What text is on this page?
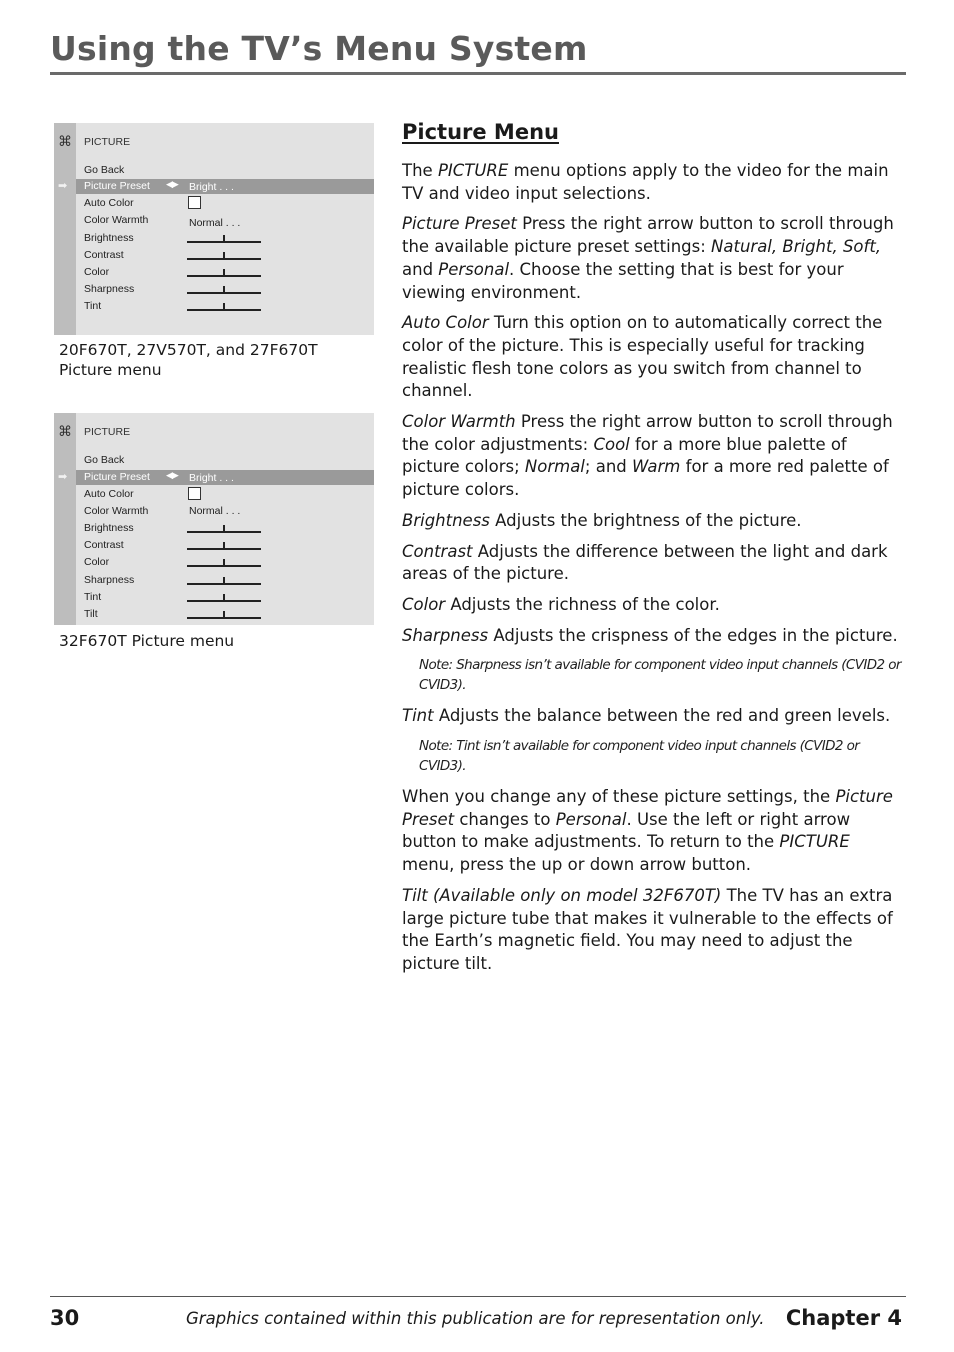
Using the TV’s Menu System
⌘ PICTURE
Go Back
➡ Picture Preset ◀▶ Bright . . .
Auto Color
Color Warmth	Normal . . .
Brightness
Contrast
Color
Sharpness
Tint
20F670T, 27V570T, and 27F670T
Picture menu
⌘ PICTURE
Go Back
➡ Picture Preset ◀▶ Bright . . .
Auto Color
Color Warmth	Normal . . .
Brightness
Contrast
Color
Sharpness
Tint
Tilt
32F670T Picture menu
Picture Menu

The PICTURE menu options apply to the video for the main TV and video input selections.

Picture Preset Press the right arrow button to scroll through the available picture preset settings: Natural, Bright, Soft, and Personal. Choose the setting that is best for your viewing environment.

Auto Color Turn this option on to automatically correct the color of the picture. This is especially useful for tracking realistic flesh tone colors as you switch from channel to channel.

Color Warmth Press the right arrow button to scroll through the color adjustments: Cool for a more blue palette of picture colors; Normal; and Warm for a more red palette of picture colors.

Brightness Adjusts the brightness of the picture.

Contrast Adjusts the difference between the light and dark areas of the picture.

Color Adjusts the richness of the color.

Sharpness Adjusts the crispness of the edges in the picture.

Note: Sharpness isn’t available for component video input channels (CVID2 or CVID3).

Tint Adjusts the balance between the red and green levels.

Note: Tint isn’t available for component video input channels (CVID2 or CVID3).

When you change any of these picture settings, the Picture Preset changes to Personal. Use the left or right arrow button to make adjustments. To return to the PICTURE menu, press the up or down arrow button.

Tilt (Available only on model 32F670T) The TV has an extra large picture tube that makes it vulnerable to the effects of the Earth’s magnetic field. You may need to adjust the picture tilt.

30	Graphics contained within this publication are for representation only. Chapter 4
